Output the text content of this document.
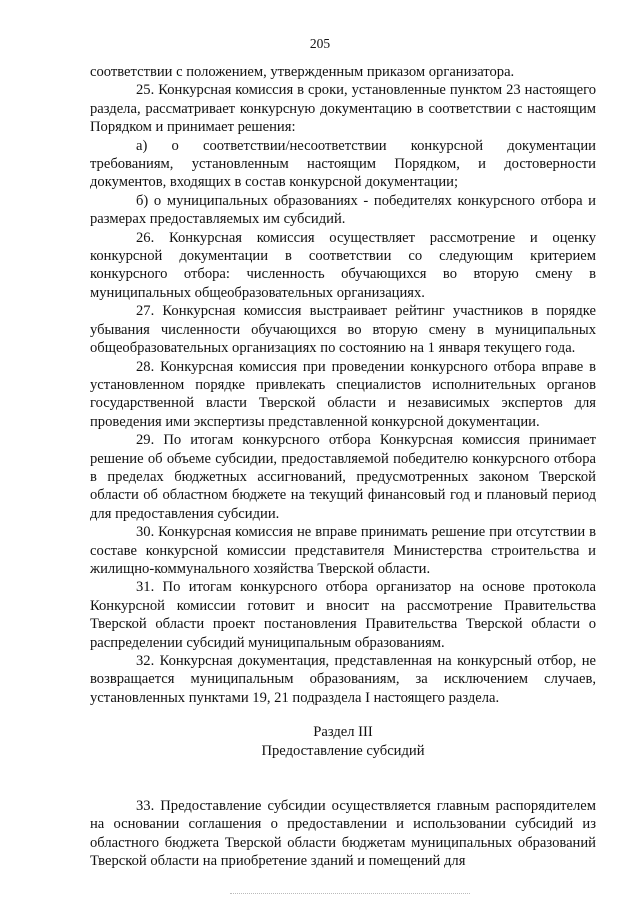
205

соответствии с положением, утвержденным приказом организатора.

25. Конкурсная комиссия в сроки, установленные пунктом 23 настоящего раздела, рассматривает конкурсную документацию в соответствии с настоящим Порядком и принимает решения:

а) о соответствии/несоответствии конкурсной документации требованиям, установленным настоящим Порядком, и достоверности документов, входящих в состав конкурсной документации;

б) о муниципальных образованиях - победителях конкурсного отбора и размерах предоставляемых им субсидий.

26. Конкурсная комиссия осуществляет рассмотрение и оценку конкурсной документации в соответствии со следующим критерием конкурсного отбора: численность обучающихся во вторую смену в муниципальных общеобразовательных организациях.

27. Конкурсная комиссия выстраивает рейтинг участников в порядке убывания численности обучающихся во вторую смену в муниципальных общеобразовательных организациях по состоянию на 1 января текущего года.

28. Конкурсная комиссия при проведении конкурсного отбора вправе в установленном порядке привлекать специалистов исполнительных органов государственной власти Тверской области и независимых экспертов для проведения ими экспертизы представленной конкурсной документации.

29. По итогам конкурсного отбора Конкурсная комиссия принимает решение об объеме субсидии, предоставляемой победителю конкурсного отбора в пределах бюджетных ассигнований, предусмотренных законом Тверской области об областном бюджете на текущий финансовый год и плановый период для предоставления субсидии.

30. Конкурсная комиссия не вправе принимать решение при отсутствии в составе конкурсной комиссии представителя Министерства строительства и жилищно-коммунального хозяйства Тверской области.

31. По итогам конкурсного отбора организатор на основе протокола Конкурсной комиссии готовит и вносит на рассмотрение Правительства Тверской области проект постановления Правительства Тверской области о распределении субсидий муниципальным образованиям.

32. Конкурсная документация, представленная на конкурсный отбор, не возвращается муниципальным образованиям, за исключением случаев, установленных пунктами 19, 21 подраздела I настоящего раздела.

Раздел III

Предоставление субсидий

33. Предоставление субсидии осуществляется главным распорядителем на основании соглашения о предоставлении и использовании субсидий из областного бюджета Тверской области бюджетам муниципальных образований Тверской области на приобретение зданий и помещений для
